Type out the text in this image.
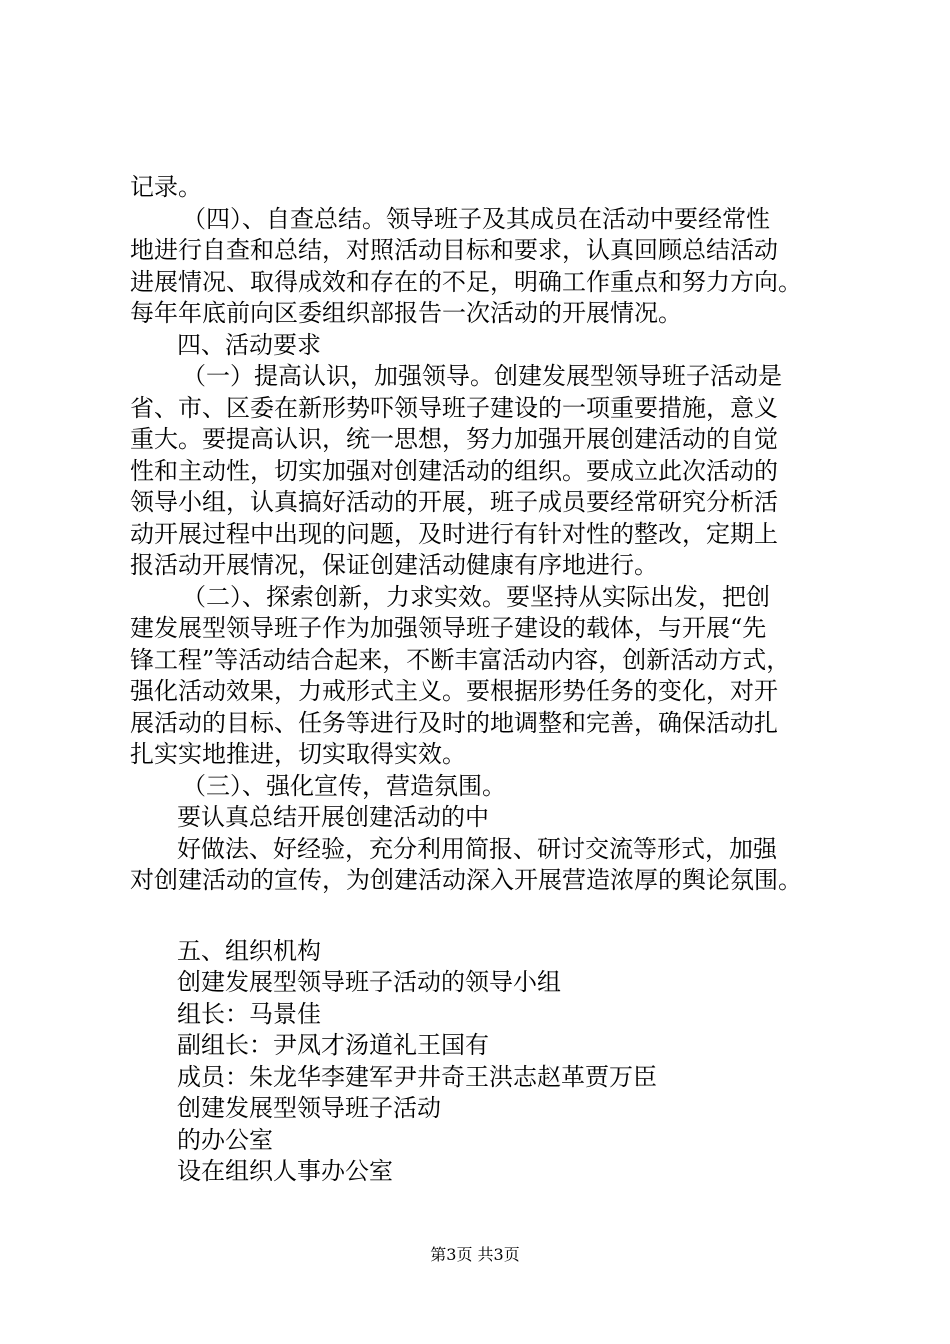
记录。
（四）、自查总结。领导班子及其成员在活动中要经常性
地进行自查和总结，对照活动目标和要求，认真回顾总结活动
进展情况、取得成效和存在的不足，明确工作重点和努力方向。
每年年底前向区委组织部报告一次活动的开展情况。
四、活动要求
（一）提高认识，加强领导。创建发展型领导班子活动是
省、市、区委在新形势吓领导班子建设的一项重要措施，意义
重大。要提高认识，统一思想，努力加强开展创建活动的自觉
性和主动性，切实加强对创建活动的组织。要成立此次活动的
领导小组，认真搞好活动的开展，班子成员要经常研究分析活
动开展过程中出现的问题，及时进行有针对性的整改，定期上
报活动开展情况，保证创建活动健康有序地进行。
（二）、探索创新，力求实效。要坚持从实际出发，把创
建发展型领导班子作为加强领导班子建设的载体，与开展“先
锋工程”等活动结合起来，不断丰富活动内容，创新活动方式，
强化活动效果，力戒形式主义。要根据形势任务的变化，对开
展活动的目标、任务等进行及时的地调整和完善，确保活动扎
扎实实地推进，切实取得实效。
（三）、强化宣传，营造氛围。
要认真总结开展创建活动的中
好做法、好经验，充分利用简报、研讨交流等形式，加强
对创建活动的宣传，为创建活动深入开展营造浓厚的舆论氛围。
五、组织机构
创建发展型领导班子活动的领导小组
组长：马景佳
副组长：尹凤才汤道礼王国有
成员：朱龙华李建军尹井奇王洪志赵革贾万臣
创建发展型领导班子活动
的办公室
设在组织人事办公室
第3页 共3页
